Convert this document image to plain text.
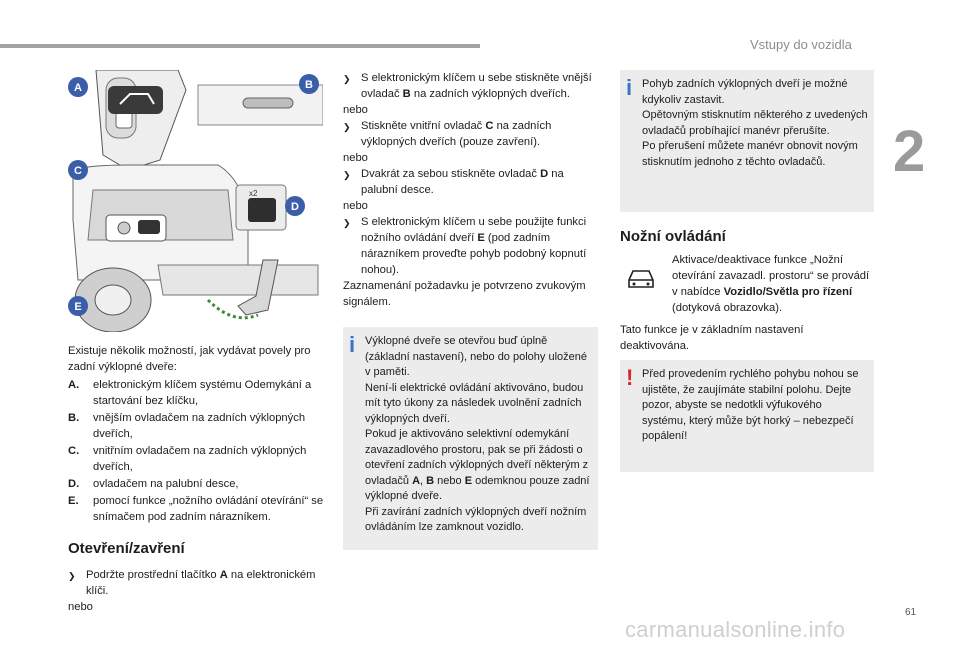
Vstupy do vozidla
2
x2
A	B
C
D
E

Existuje několik možností, jak vydávat povely pro zadní výklopné dveře:

A.	elektronickým klíčem systému Odemykání a startování bez klíčku,
B.	vnějším ovladačem na zadních výklopných dveřích,
C.	vnitřním ovladačem na zadních výklopných dveřích,
D.	ovladačem na palubní desce,
E.	pomocí funkce „nožního ovládání otevírání“ se snímačem pod zadním nárazníkem.
Otevření/zavření
❯ Podržte prostřední tlačítko A na elektronickém klíči.

nebo

❯ S elektronickým klíčem u sebe stiskněte vnější ovladač B na zadních výklopných dveřích.

nebo

❯ Stiskněte vnitřní ovladač C na zadních výklopných dveřích (pouze zavření).

nebo

❯ Dvakrát za sebou stiskněte ovladač D na palubní desce.

nebo

❯ S elektronickým klíčem u sebe použijte funkci nožního ovládání dveří E (pod zadním nárazníkem proveďte pohyb podobný kopnutí nohou).

Zaznamenání požadavku je potvrzeno zvukovým signálem.

i Výklopné dveře se otevřou buď úplně (základní nastavení), nebo do polohy uložené v paměti.
Není-li elektrické ovládání aktivováno, budou mít tyto úkony za následek uvolnění zadních výklopných dveří.
Pokud je aktivováno selektivní odemykání zavazadlového prostoru, pak se při žádosti o otevření zadních výklopných dveří některým z ovladačů A, B nebo E odemknou pouze zadní výklopné dveře.
Při zavírání zadních výklopných dveří nožním ovládáním lze zamknout vozidlo.
i Pohyb zadních výklopných dveří je možné kdykoliv zastavit.
Opětovným stisknutím některého z uvedených ovladačů probíhající manévr přerušíte.
Po přerušení můžete manévr obnovit novým stisknutím jednoho z těchto ovladačů.
Nožní ovládání
Aktivace/deaktivace funkce „Nožní otevírání zavazadl. prostoru“ se provádí v nabídce Vozidlo/Světla pro řízení (dotyková obrazovka).
Tato funkce je v základním nastavení deaktivována.
! Před provedením rychlého pohybu nohou se ujistěte, že zaujímáte stabilní polohu. Dejte pozor, abyste se nedotkli výfukového systému, který může být horký – nebezpečí popálení!
61
carmanualsonline.info
